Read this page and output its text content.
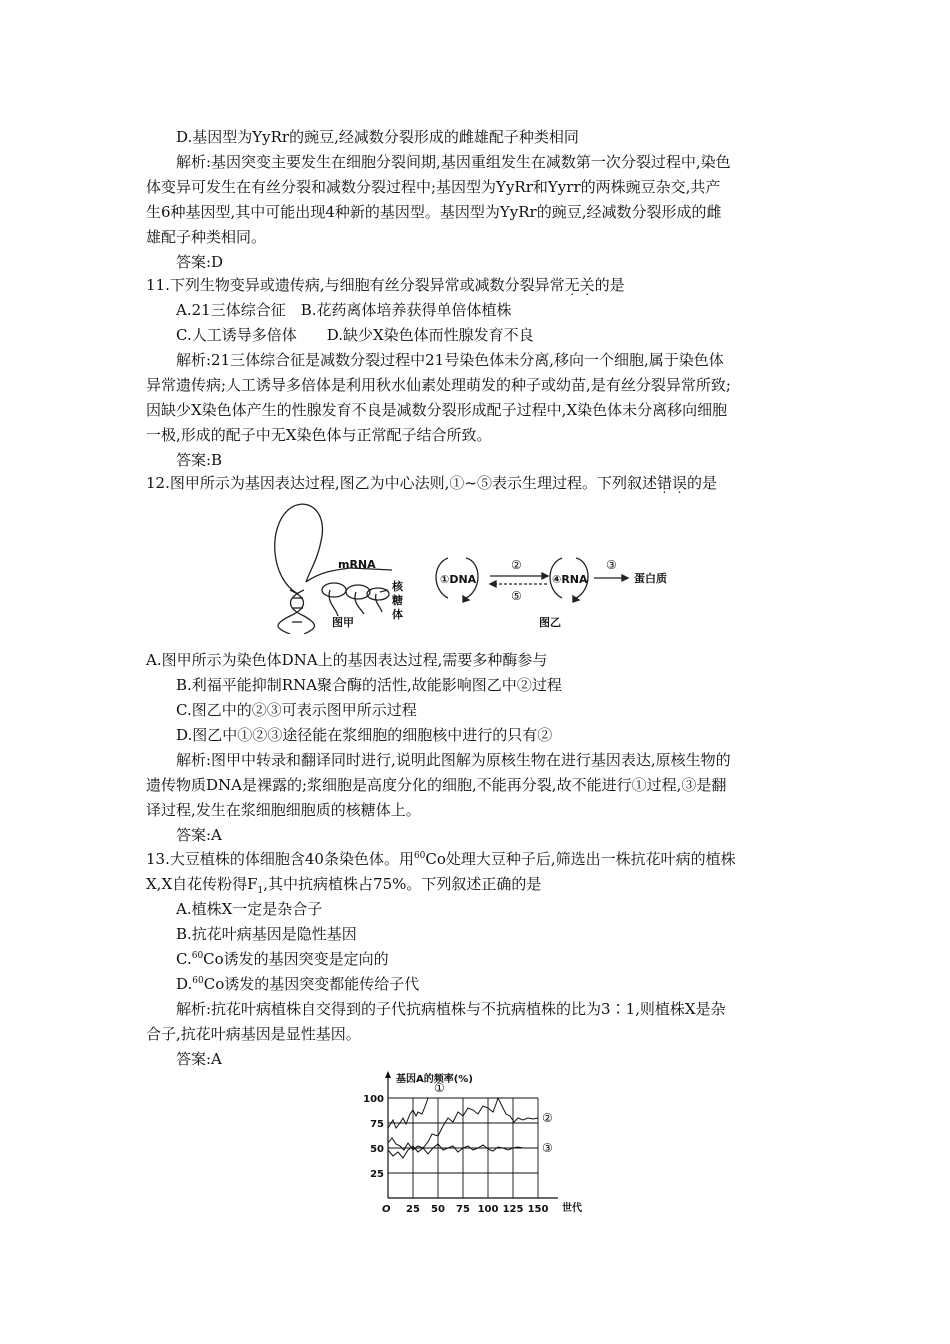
D.基因型为YyRr的豌豆,经减数分裂形成的雌雄配子种类相同
解析:基因突变主要发生在细胞分裂间期,基因重组发生在减数第一次分裂过程中,染色
体变异可发生在有丝分裂和减数分裂过程中;基因型为YyRr和Yyrr的两株豌豆杂交,共产
生6种基因型,其中可能出现4种新的基因型。基因型为YyRr的豌豆,经减数分裂形成的雌
雄配子种类相同。
答案:D
11.下列生物变异或遗传病,与细胞有丝分裂异常或减数分裂异常无关的是
A.21三体综合征　B.花药离体培养获得单倍体植株
C.人工诱导多倍体　　D.缺少X染色体而性腺发育不良
解析:21三体综合征是减数分裂过程中21号染色体未分离,移向一个细胞,属于染色体
异常遗传病;人工诱导多倍体是利用秋水仙素处理萌发的种子或幼苗,是有丝分裂异常所致;
因缺少X染色体产生的性腺发育不良是减数分裂形成配子过程中,X染色体未分离移向细胞
一极,形成的配子中无X染色体与正常配子结合所致。
答案:B
12.图甲所示为基因表达过程,图乙为中心法则,①~⑤表示生理过程。下列叙述错误的是
mRNA
核
糖
体
图甲
①DNA	④RNA	蛋白质
②
⑤
③
图乙
A.图甲所示为染色体DNA上的基因表达过程,需要多种酶参与
B.利福平能抑制RNA聚合酶的活性,故能影响图乙中②过程
C.图乙中的②③可表示图甲所示过程
D.图乙中①②③途径能在浆细胞的细胞核中进行的只有②
解析:图甲中转录和翻译同时进行,说明此图解为原核生物在进行基因表达,原核生物的
遗传物质DNA是裸露的;浆细胞是高度分化的细胞,不能再分裂,故不能进行①过程,③是翻
译过程,发生在浆细胞细胞质的核糖体上。
答案:A
13.大豆植株的体细胞含40条染色体。用$^{60}$Co处理大豆种子后,筛选出一株抗花叶病的植株
X,X自花传粉得$F_1$,其中抗病植株占75%。下列叙述正确的是
A.植株X一定是杂合子
B.抗花叶病基因是隐性基因
C.$^{60}$Co诱发的基因突变是定向的
D.$^{60}$Co诱发的基因突变都能传给子代
解析:抗花叶病植株自交得到的子代抗病植株与不抗病植株的比为3∶1,则植株X是杂
合子,抗花叶病基因是显性基因。
答案:A
基因A的频率(%)
世代
O 25 50 75 100 125 150
25
50
75
100
①
②
③
